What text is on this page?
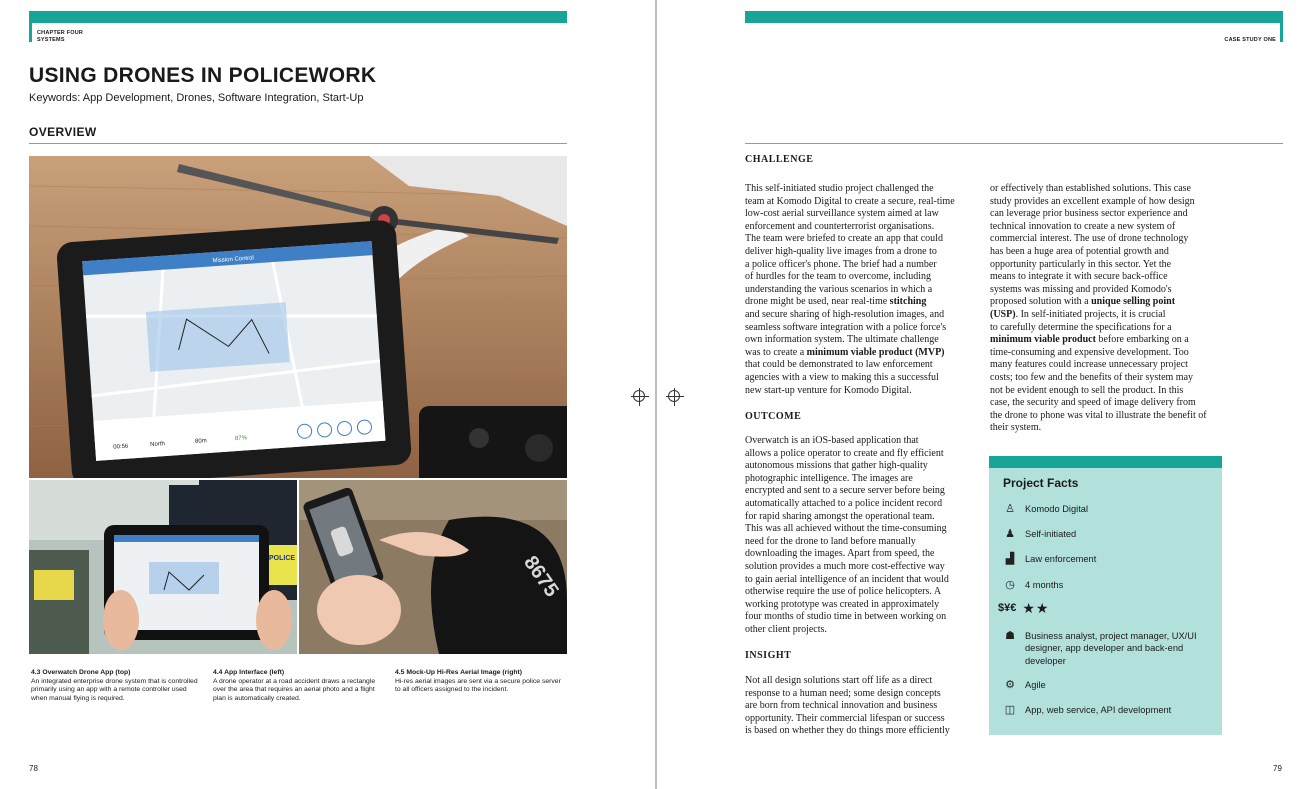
CHAPTER FOUR
SYSTEMS
USING DRONES IN POLICEWORK
Keywords: App Development, Drones, Software Integration, Start-Up
OVERVIEW
Mission Control
00:56	North	80m	87%
POLICE	8675
4.3 Overwatch Drone App (top)
An integrated enterprise drone system that is controlled primarily using an app with a remote controller used when manual flying is required.
4.4 App Interface (left)
A drone operator at a road accident draws a rectangle over the area that requires an aerial photo and a flight plan is automatically created.
4.5 Mock-Up Hi-Res Aerial Image (right)
Hi-res aerial images are sent via a secure police server to all officers assigned to the incident.
78
CASE STUDY ONE
CHALLENGE
This self-initiated studio project challenged the
team at Komodo Digital to create a secure, real-time
low-cost aerial surveillance system aimed at law
enforcement and counterterrorist organisations.
The team were briefed to create an app that could
deliver high-quality live images from a drone to
a police officer's phone. The brief had a number
of hurdles for the team to overcome, including
understanding the various scenarios in which a
drone might be used, near real-time stitching
and secure sharing of high-resolution images, and
seamless software integration with a police force's
own information system. The ultimate challenge
was to create a minimum viable product (MVP)
that could be demonstrated to law enforcement
agencies with a view to making this a successful
new start-up venture for Komodo Digital.
OUTCOME
Overwatch is an iOS-based application that
allows a police operator to create and fly efficient
autonomous missions that gather high-quality
photographic intelligence. The images are
encrypted and sent to a secure server before being
automatically attached to a police incident record
for rapid sharing amongst the operational team.
This was all achieved without the time-consuming
need for the drone to land before manually
downloading the images. Apart from speed, the
solution provides a much more cost-effective way
to gain aerial intelligence of an incident that would
otherwise require the use of police helicopters. A
working prototype was created in approximately
four months of studio time in between working on
other client projects.
INSIGHT
Not all design solutions start off life as a direct
response to a human need; some design concepts
are born from technical innovation and business
opportunity. Their commercial lifespan or success
is based on whether they do things more efficiently
or effectively than established solutions. This case
study provides an excellent example of how design
can leverage prior business sector experience and
technical innovation to create a new system of
commercial interest. The use of drone technology
has been a huge area of potential growth and
opportunity particularly in this sector. Yet the
means to integrate it with secure back-office
systems was missing and provided Komodo's
proposed solution with a unique selling point
(USP). In self-initiated projects, it is crucial
to carefully determine the specifications for a
minimum viable product before embarking on a
time-consuming and expensive development. Too
many features could increase unnecessary project
costs; too few and the benefits of their system may
not be evident enough to sell the product. In this
case, the security and speed of image delivery from
the drone to phone was vital to illustrate the benefit of
their system.
Project Facts
♙	Komodo Digital
♟	Self-initiated
▟	Law enforcement
◷	4 months
$¥€ ★★
☗	Business analyst, project manager, UX/UI designer, app developer and back-end developer
⚙	Agile
◫	App, web service, API development
79
